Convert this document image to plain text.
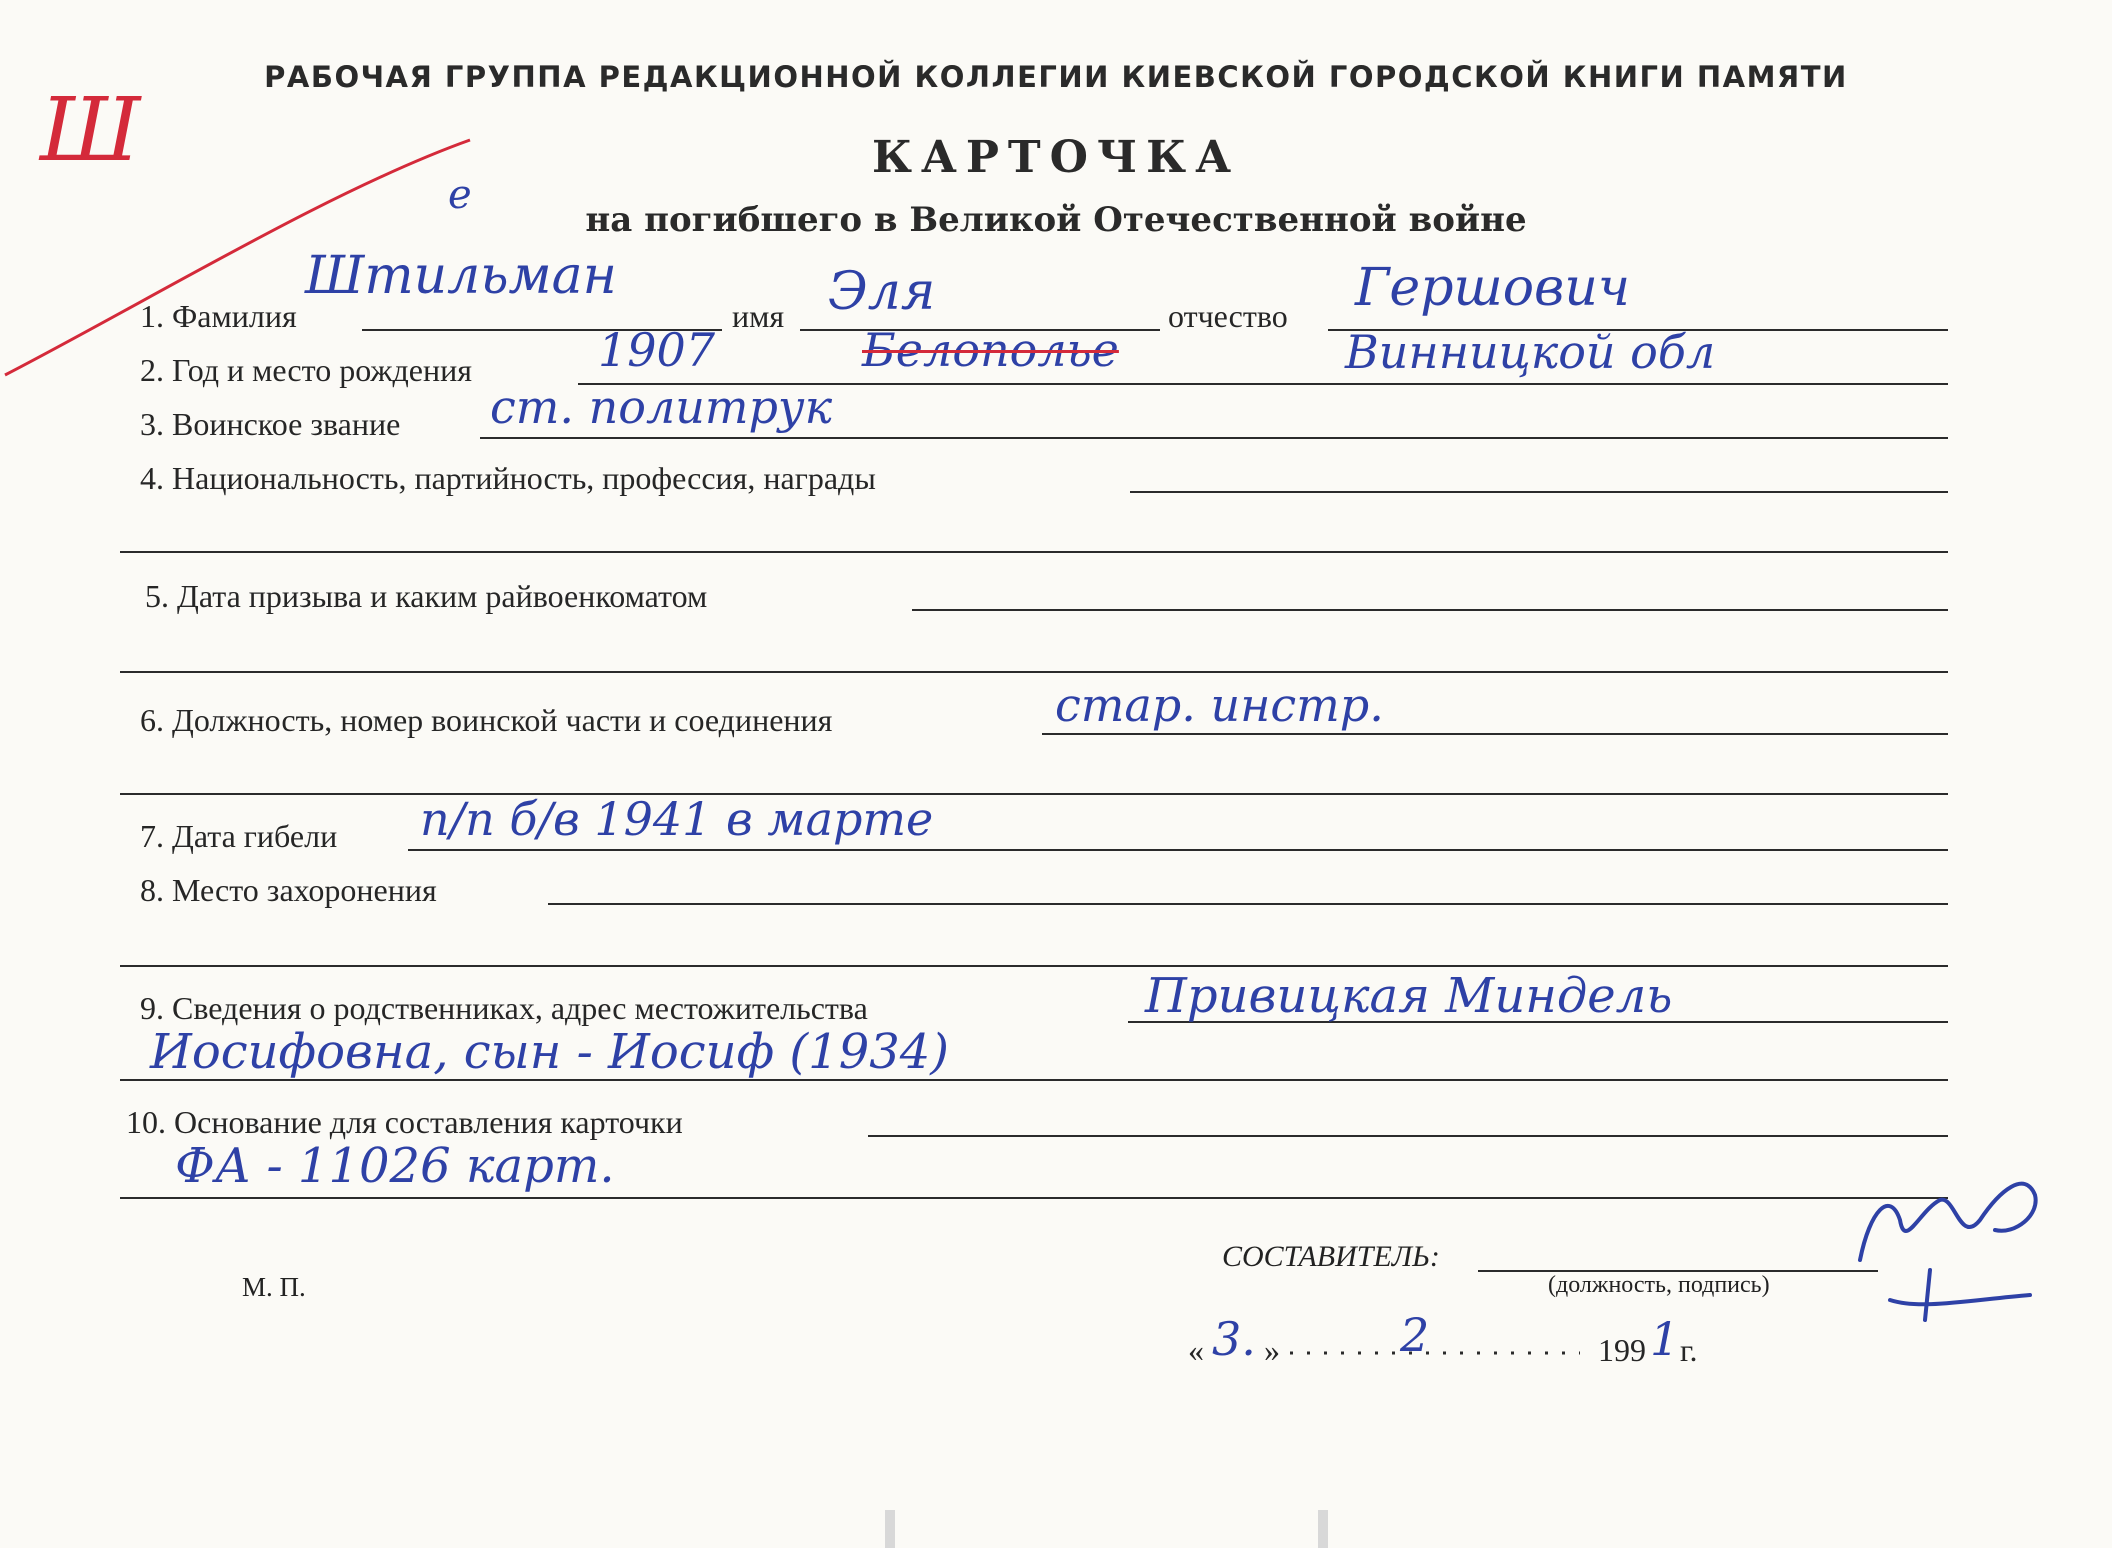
РАБОЧАЯ ГРУППА РЕДАКЦИОННОЙ КОЛЛЕГИИ КИЕВСКОЙ ГОРОДСКОЙ КНИГИ ПАМЯТИ
КАРТОЧКА
на погибшего в Великой Отечественной войне
Ш
е
1. Фамилия
Штильман
имя Эля	отчество Гершович
2. Год и место рождения	1907	Белополье	Винницкой обл
3. Воинское звание ст. политрук
4. Национальность, партийность, профессия, награды
5. Дата призыва и каким райвоенкоматом
6. Должность, номер воинской части и соединения	стар. инстр.
7. Дата гибели п/п б/в 1941 в марте
8. Место захоронения
9. Сведения о родственниках, адрес местожительства	Привицкая Миндель
Иосифовна, сын - Иосиф (1934)
10. Основание для составления карточки
ФА - 11026 карт.
М. П.
СОСТАВИТЕЛЬ:
(должность, подпись)
« 3. »	2	199 1 г.
